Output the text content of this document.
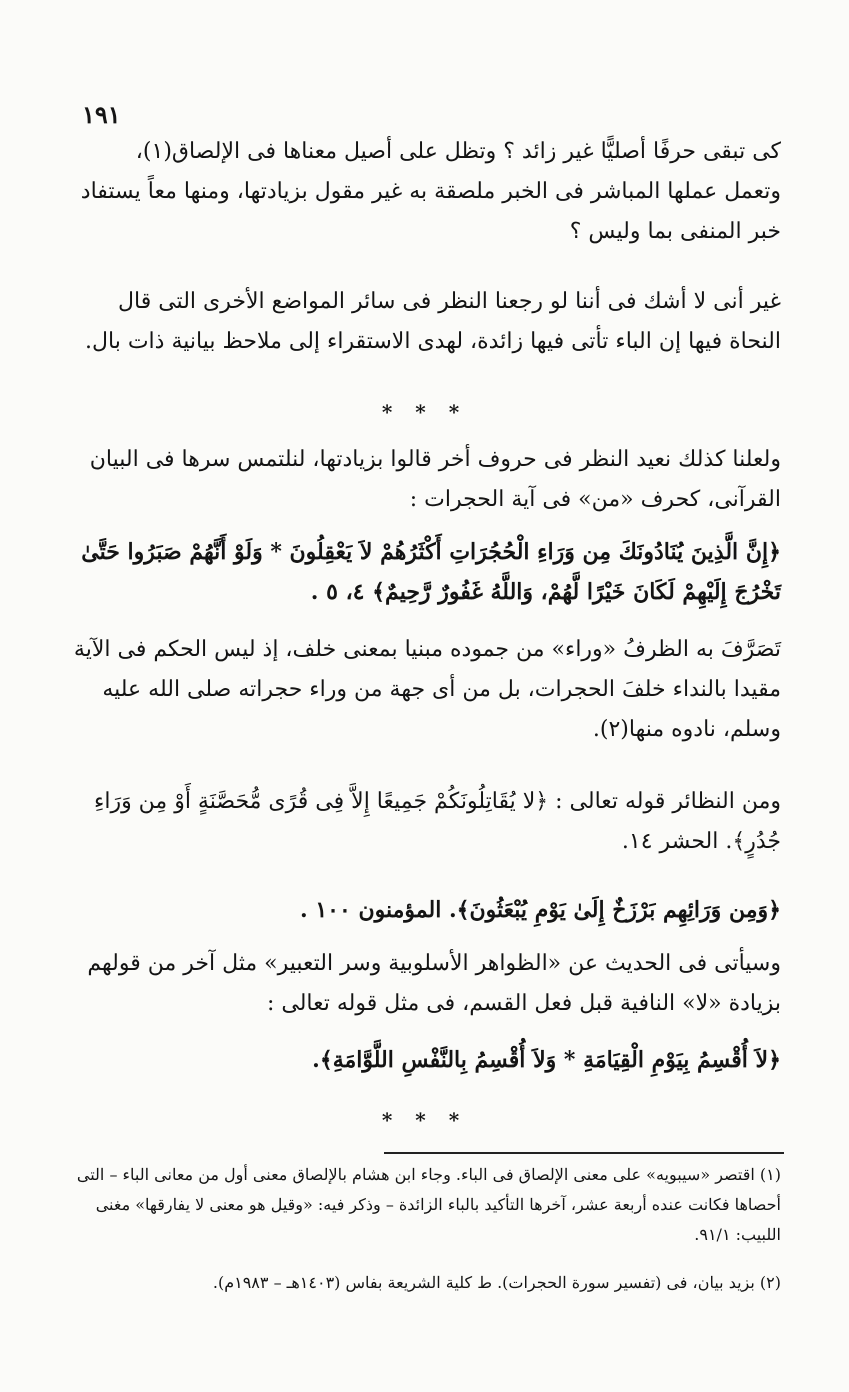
١٩١

كى تبقى حرفًا أصليًّا غير زائد ؟ وتظل على أصيل معناها فى الإلصاق(١)، وتعمل عملها المباشر فى الخبر ملصقة به غير مقول بزيادتها، ومنها معاً يستفاد خبر المنفى بما وليس ؟

غير أنى لا أشك فى أننا لو رجعنا النظر فى سائر المواضع الأخرى التى قال النحاة فيها إن الباء تأتى فيها زائدة، لهدى الاستقراء إلى ملاحظ بيانية ذات بال.

* * *

ولعلنا كذلك نعيد النظر فى حروف أخر قالوا بزيادتها، لنلتمس سرها فى البيان القرآنى، كحرف «من» فى آية الحجرات :

﴿إِنَّ الَّذِينَ يُنَادُونَكَ مِن وَرَاءِ الْحُجُرَاتِ أَكْثَرُهُمْ لاَ يَعْقِلُونَ * وَلَوْ أَنَّهُمْ صَبَرُوا حَتَّىٰ تَخْرُجَ إِلَيْهِمْ لَكَانَ خَيْرًا لَّهُمْ، وَاللَّهُ غَفُورٌ رَّحِيمٌ﴾ ٤، ٥ .

تَصَرَّفَ به الظرفُ «وراء» من جموده مبنيا بمعنى خلف، إذ ليس الحكم فى الآية مقيدا بالنداء خلفَ الحجرات، بل من أى جهة من وراء حجراته صلى الله عليه وسلم، نادوه منها(٢).

ومن النظائر قوله تعالى : ﴿لا يُقَاتِلُونَكُمْ جَمِيعًا إِلاَّ فِى قُرًى مُّحَصَّنَةٍ أَوْ مِن وَرَاءِ جُدُرٍ﴾. الحشر ١٤.

﴿وَمِن وَرَائِهِم بَرْزَخٌ إِلَىٰ يَوْمِ يُبْعَثُونَ﴾. المؤمنون ١٠٠ .

وسيأتى فى الحديث عن «الظواهر الأسلوبية وسر التعبير» مثل آخر من قولهم بزيادة «لا» النافية قبل فعل القسم، فى مثل قوله تعالى :

﴿لاَ أُقْسِمُ بِيَوْمِ الْقِيَامَةِ * وَلاَ أُقْسِمُ بِالنَّفْسِ اللَّوَّامَةِ﴾.

* * *

(١) اقتصر «سيبويه» على معنى الإلصاق فى الباء. وجاء ابن هشام بالإلصاق معنى أول من معانى الباء – التى أحصاها فكانت عنده أربعة عشر، آخرها التأكيد بالباء الزائدة – وذكر فيه: «وقيل هو معنى لا يفارقها» مغنى اللبيب: ٩١/١.

(٢) بزيد بيان، فى (تفسير سورة الحجرات). ط كلية الشريعة بفاس (١٤٠٣هـ – ١٩٨٣م).
